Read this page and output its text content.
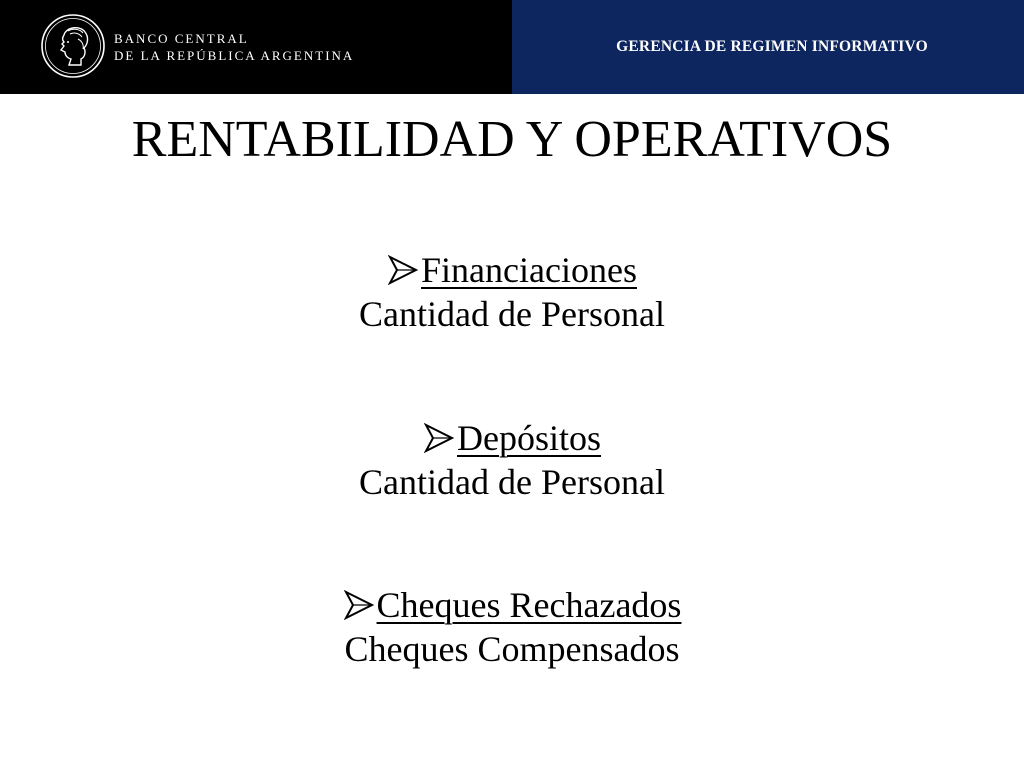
BANCO CENTRAL
DE LA REPÚBLICA ARGENTINA
GERENCIA DE REGIMEN INFORMATIVO
RENTABILIDAD Y OPERATIVOS
Financiaciones
Cantidad de Personal
Depósitos
Cantidad de Personal
Cheques Rechazados
Cheques Compensados
